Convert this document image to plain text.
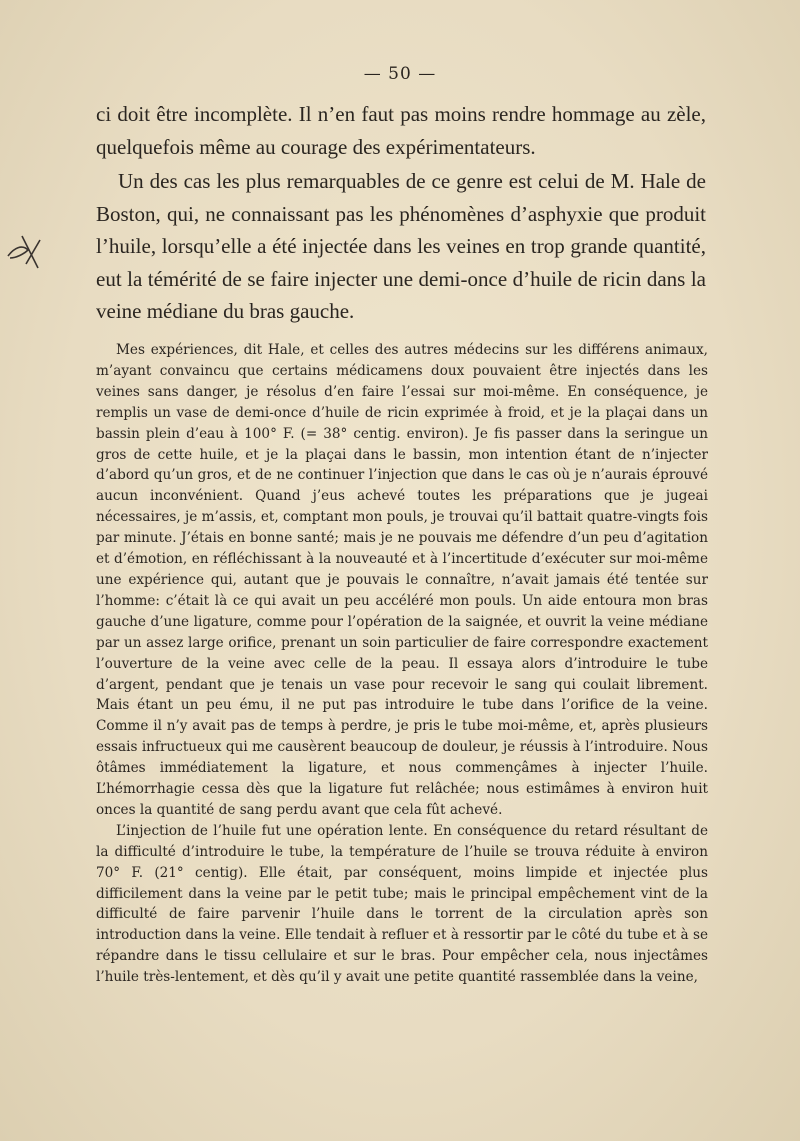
— 50 —

ci doit être incomplète. Il n’en faut pas moins rendre hommage au zèle, quelquefois même au courage des expérimentateurs.

Un des cas les plus remarquables de ce genre est celui de M. Hale de Boston, qui, ne connaissant pas les phénomènes d’asphyxie que produit l’huile, lorsqu’elle a été injectée dans les veines en trop grande quantité, eut la témérité de se faire injecter une demi-once d’huile de ricin dans la veine médiane du bras gauche.

Mes expériences, dit Hale, et celles des autres médecins sur les différens animaux, m’ayant convaincu que certains médicamens doux pouvaient être injectés dans les veines sans danger, je résolus d’en faire l’essai sur moi-même. En conséquence, je remplis un vase de demi-once d’huile de ricin exprimée à froid, et je la plaçai dans un bassin plein d’eau à 100° F. (= 38° centig. environ). Je fis passer dans la seringue un gros de cette huile, et je la plaçai dans le bassin, mon intention étant de n’injecter d’abord qu’un gros, et de ne continuer l’injection que dans le cas où je n’aurais éprouvé aucun inconvénient. Quand j’eus achevé toutes les préparations que je jugeai nécessaires, je m’assis, et, comptant mon pouls, je trouvai qu’il battait quatre-vingts fois par minute. J’étais en bonne santé; mais je ne pouvais me défendre d’un peu d’agitation et d’émotion, en réfléchissant à la nouveauté et à l’incertitude d’exécuter sur moi-même une expérience qui, autant que je pouvais le connaître, n’avait jamais été tentée sur l’homme: c’était là ce qui avait un peu accéléré mon pouls. Un aide entoura mon bras gauche d’une ligature, comme pour l’opération de la saignée, et ouvrit la veine médiane par un assez large orifice, prenant un soin particulier de faire correspondre exactement l’ouverture de la veine avec celle de la peau. Il essaya alors d’introduire le tube d’argent, pendant que je tenais un vase pour recevoir le sang qui coulait librement. Mais étant un peu ému, il ne put pas introduire le tube dans l’orifice de la veine. Comme il n’y avait pas de temps à perdre, je pris le tube moi-même, et, après plusieurs essais infructueux qui me causèrent beaucoup de douleur, je réussis à l’introduire. Nous ôtâmes immédiatement la ligature, et nous commençâmes à injecter l’huile. L’hémorrhagie cessa dès que la ligature fut relâchée; nous estimâmes à environ huit onces la quantité de sang perdu avant que cela fût achevé.

L’injection de l’huile fut une opération lente. En conséquence du retard résultant de la difficulté d’introduire le tube, la température de l’huile se trouva réduite à environ 70° F. (21° centig). Elle était, par conséquent, moins limpide et injectée plus difficilement dans la veine par le petit tube; mais le principal empêchement vint de la difficulté de faire parvenir l’huile dans le torrent de la circulation après son introduction dans la veine. Elle tendait à refluer et à ressortir par le côté du tube et à se répandre dans le tissu cellulaire et sur le bras. Pour empêcher cela, nous injectâmes l’huile très-lentement, et dès qu’il y avait une petite quantité rassemblée dans la veine,
